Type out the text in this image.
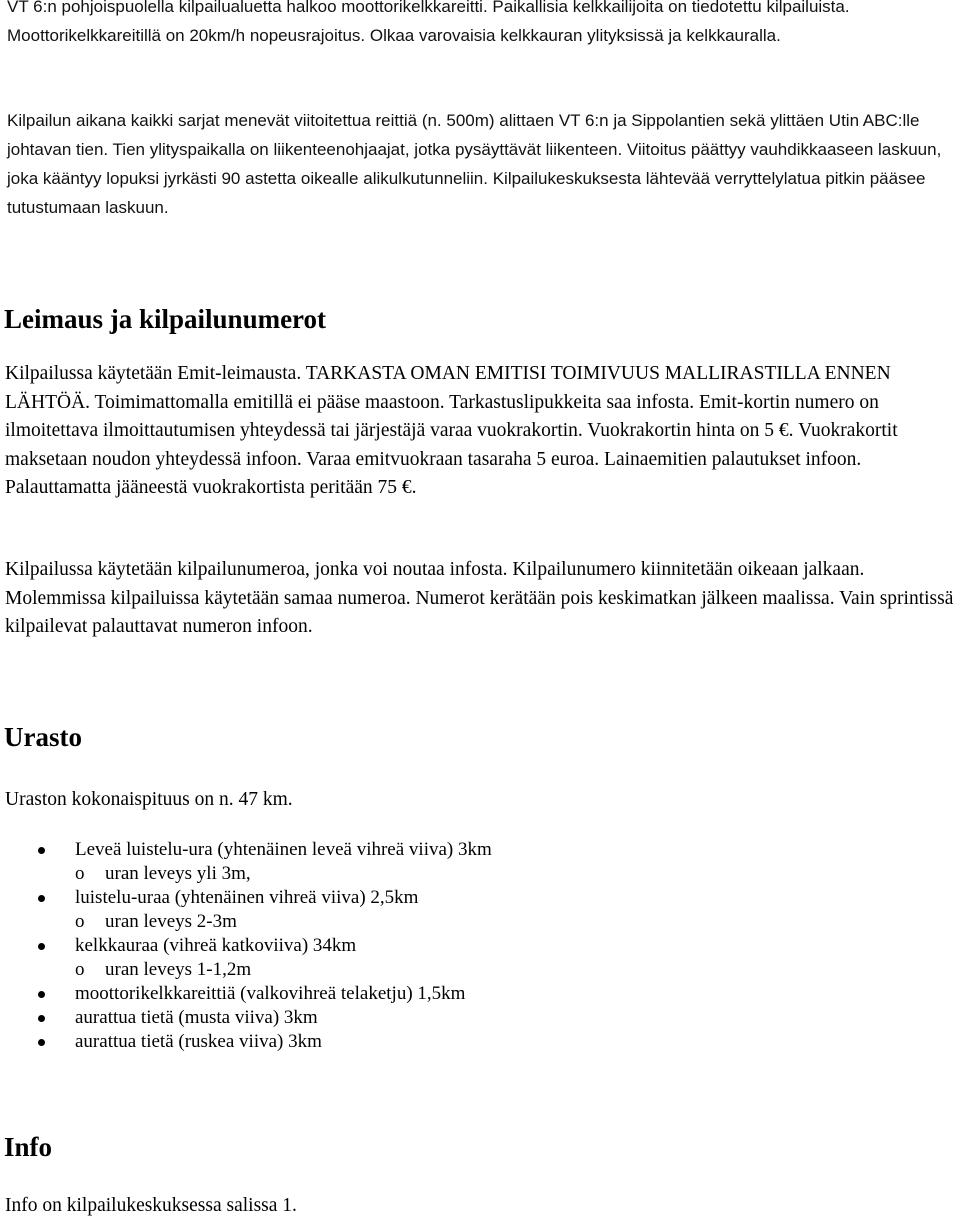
VT 6:n pohjoispuolella kilpailualuetta halkoo moottorikelkkareitti. Paikallisia kelkkailijoita on tiedotettu kilpailuista. Moottorikelkkareitillä on 20km/h nopeusrajoitus. Olkaa varovaisia kelkkauran ylityksissä ja kelkkauralla.

Kilpailun aikana kaikki sarjat menevät viitoitettua reittiä (n. 500m) alittaen VT 6:n ja Sippolantien sekä ylittäen Utin ABC:lle johtavan tien. Tien ylityspaikalla on liikenteenohjaajat, jotka pysäyttävät liikenteen. Viitoitus päättyy vauhdikkaaseen laskuun, joka kääntyy lopuksi jyrkästi 90 astetta oikealle alikulkutunneliin. Kilpailukeskuksesta lähtevää verryttelylatua pitkin pääsee tutustumaan laskuun.

Leimaus ja kilpailunumerot

Kilpailussa käytetään Emit-leimausta. TARKASTA OMAN EMITISI TOIMIVUUS MALLIRASTILLA ENNEN LÄHTÖÄ. Toimimattomalla emitillä ei pääse maastoon. Tarkastuslipukkeita saa infosta. Emit-kortin numero on ilmoitettava ilmoittautumisen yhteydessä tai järjestäjä varaa vuokrakortin. Vuokrakortin hinta on 5 €. Vuokrakortit maksetaan noudon yhteydessä infoon. Varaa emitvuokraan tasaraha 5 euroa. Lainaemitien palautukset infoon. Palauttamatta jääneestä vuokrakortista peritään 75 €.

Kilpailussa käytetään kilpailunumeroa, jonka voi noutaa infosta. Kilpailunumero kiinnitetään oikeaan jalkaan. Molemmissa kilpailuissa käytetään samaa numeroa. Numerot kerätään pois keskimatkan jälkeen maalissa. Vain sprintissä kilpailevat palauttavat numeron infoon.

Urasto

Uraston kokonaispituus on n. 47 km.

Leveä luistelu-ura (yhtenäinen leveä vihreä viiva) 3km
o uran leveys yli 3m,
luistelu-uraa (yhtenäinen vihreä viiva) 2,5km
o uran leveys 2-3m
kelkkauraa (vihreä katkoviiva) 34km
o uran leveys 1-1,2m
moottorikelkkareittiä (valkovihreä telaketju) 1,5km
aurattua tietä (musta viiva) 3km
aurattua tietä (ruskea viiva) 3km
Info

Info on kilpailukeskuksessa salissa 1.
